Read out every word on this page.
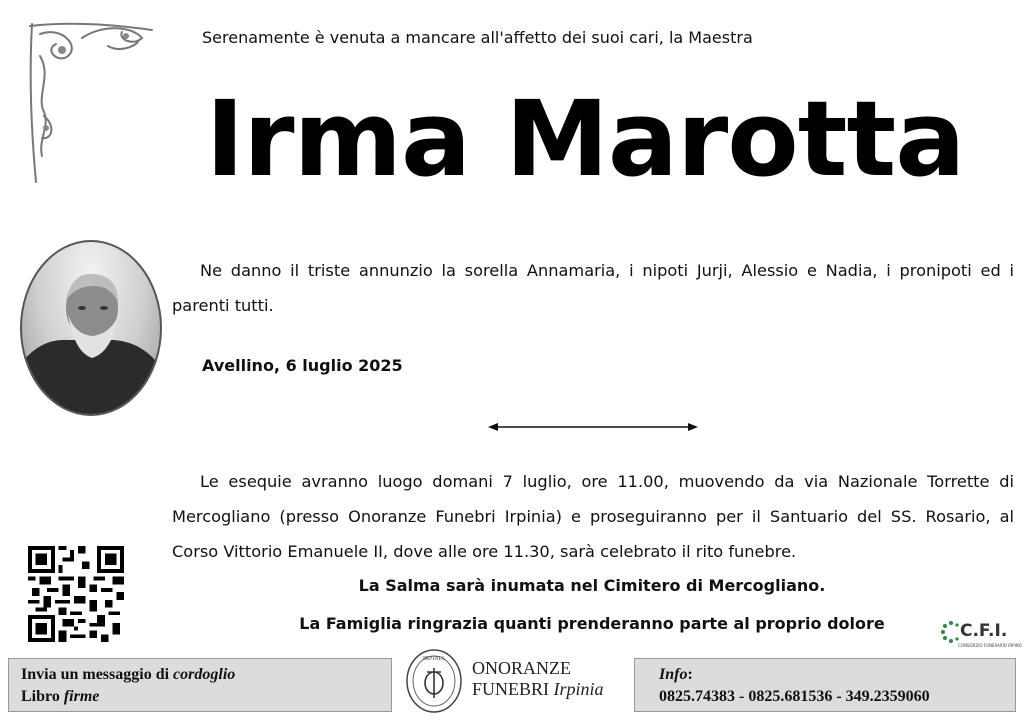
Serenamente è venuta a mancare all'affetto dei suoi cari, la Maestra
Irma Marotta
Ne danno il triste annunzio la sorella Annamaria, i nipoti Jurji, Alessio e Nadia, i pronipoti ed i parenti tutti.
Avellino, 6 luglio 2025
Le esequie avranno luogo domani 7 luglio, ore 11.00, muovendo da via Nazionale Torrette di Mercogliano (presso Onoranze Funebri Irpinia) e proseguiranno per il Santuario del SS. Rosario, al Corso Vittorio Emanuele II, dove alle ore 11.30, sarà celebrato il rito funebre.
La Salma sarà inumata nel Cimitero di Mercogliano.
La Famiglia ringrazia quanti prenderanno parte al proprio dolore	C.F.I.
CONSORZIO FUNERARIO IRPINO
Invia un messaggio di cordoglio
Libro firme
IRPINIA ONORANZE
FUNEBRI Irpinia
Info:
0825.74383 - 0825.681536 - 349.2359060
